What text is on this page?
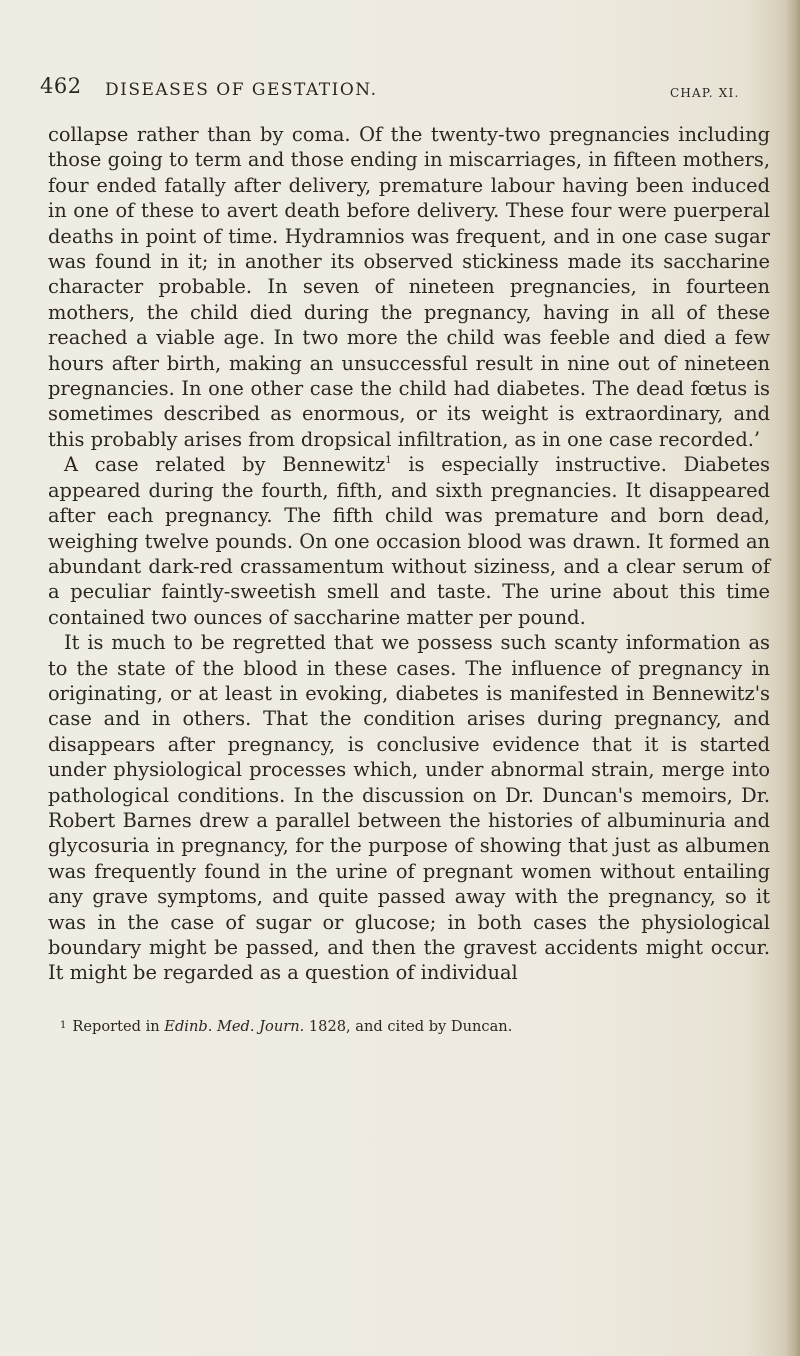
462 DISEASES OF GESTATION.	CHAP. XI.

collapse rather than by coma. Of the twenty-two pregnancies including those going to term and those ending in miscarriages, in fifteen mothers, four ended fatally after delivery, premature labour having been induced in one of these to avert death before delivery. These four were puerperal deaths in point of time. Hydramnios was frequent, and in one case sugar was found in it; in another its observed stickiness made its saccharine character probable. In seven of nineteen pregnancies, in fourteen mothers, the child died during the pregnancy, having in all of these reached a viable age. In two more the child was feeble and died a few hours after birth, making an unsuccessful result in nine out of nineteen pregnancies. In one other case the child had diabetes. The dead fœtus is sometimes described as enormous, or its weight is extraordinary, and this probably arises from dropsical infiltration, as in one case recorded.’

A case related by Bennewitz$^1$ is especially instructive. Diabetes appeared during the fourth, fifth, and sixth pregnancies. It disappeared after each pregnancy. The fifth child was premature and born dead, weighing twelve pounds. On one occasion blood was drawn. It formed an abundant dark-red crassamentum without siziness, and a clear serum of a peculiar faintly-sweetish smell and taste. The urine about this time contained two ounces of saccharine matter per pound.

It is much to be regretted that we possess such scanty information as to the state of the blood in these cases. The influence of pregnancy in originating, or at least in evoking, diabetes is manifested in Bennewitz's case and in others. That the condition arises during pregnancy, and disappears after pregnancy, is conclusive evidence that it is started under physiological processes which, under abnormal strain, merge into pathological conditions. In the discussion on Dr. Duncan's memoirs, Dr. Robert Barnes drew a parallel between the histories of albuminuria and glycosuria in pregnancy, for the purpose of showing that just as albumen was frequently found in the urine of pregnant women without entailing any grave symptoms, and quite passed away with the pregnancy, so it was in the case of sugar or glucose; in both cases the physiological boundary might be passed, and then the gravest accidents might occur. It might be regarded as a question of individual

$^1$ Reported in Edinb. Med. Journ. 1828, and cited by Duncan.
